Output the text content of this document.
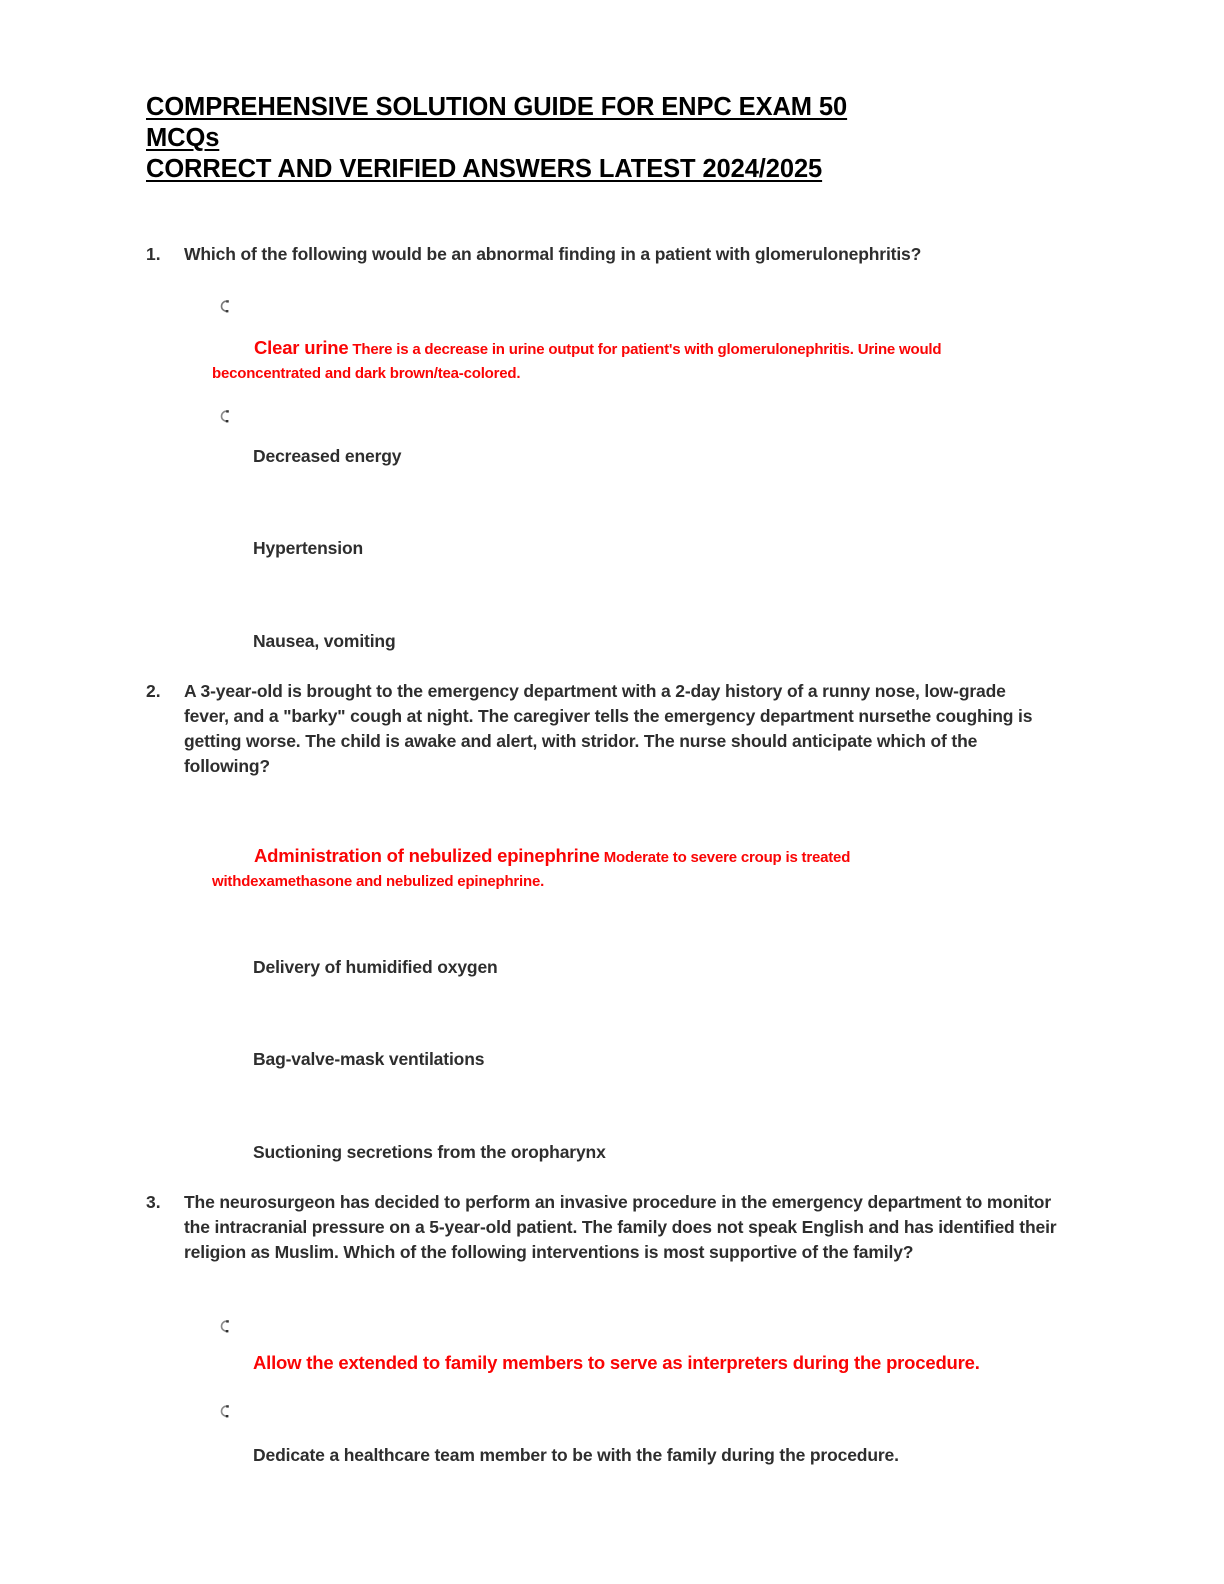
COMPREHENSIVE SOLUTION GUIDE FOR ENPC EXAM 50 MCQs
CORRECT AND VERIFIED ANSWERS LATEST 2024/2025
1.	Which of the following would be an abnormal finding in a patient with glomerulonephritis?
Clear urine There is a decrease in urine output for patient's with glomerulonephritis. Urine would beconcentrated and dark brown/tea-colored.
Decreased energy
Hypertension
Nausea, vomiting
2.	A 3-year-old is brought to the emergency department with a 2-day history of a runny nose, low-grade fever, and a "barky" cough at night. The caregiver tells the emergency department nursethe coughing is getting worse. The child is awake and alert, with stridor. The nurse should anticipate which of the following?
Administration of nebulized epinephrine Moderate to severe croup is treated withdexamethasone and nebulized epinephrine.
Delivery of humidified oxygen
Bag-valve-mask ventilations
Suctioning secretions from the oropharynx
3.	The neurosurgeon has decided to perform an invasive procedure in the emergency department to monitor the intracranial pressure on a 5-year-old patient. The family does not speak English and has identified their religion as Muslim. Which of the following interventions is most supportive of the family?
Allow the extended to family members to serve as interpreters during the procedure.
Dedicate a healthcare team member to be with the family during the procedure.
